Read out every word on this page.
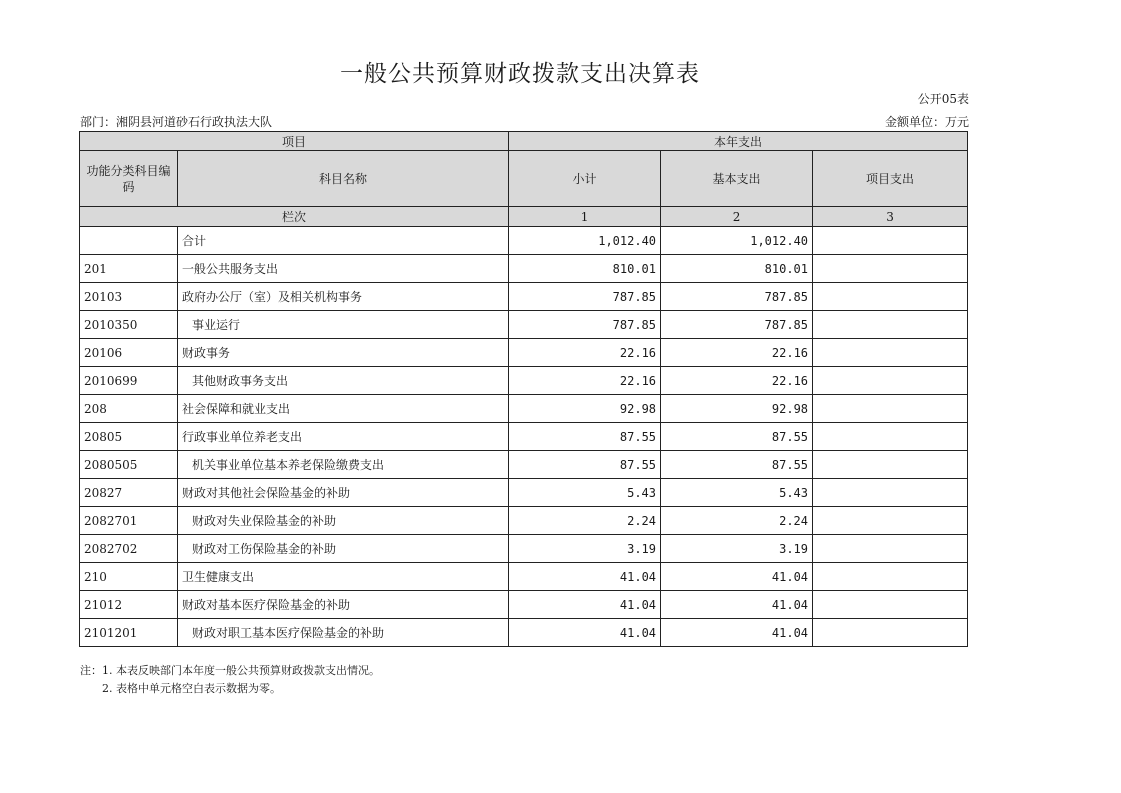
一般公共预算财政拨款支出决算表
公开05表
部门：湘阴县河道砂石行政执法大队	金额单位：万元
项目		本年支出		
功能分类科目编码	科目名称	小计	基本支出	项目支出
栏次		1	2	3
	合计	1,012.40	1,012.40	
201	一般公共服务支出	810.01	810.01	
20103	政府办公厅（室）及相关机构事务	787.85	787.85	
2010350	事业运行	787.85	787.85	
20106	财政事务	22.16	22.16	
2010699	其他财政事务支出	22.16	22.16	
208	社会保障和就业支出	92.98	92.98	
20805	行政事业单位养老支出	87.55	87.55	
2080505	机关事业单位基本养老保险缴费支出	87.55	87.55	
20827	财政对其他社会保险基金的补助	5.43	5.43	
2082701	财政对失业保险基金的补助	2.24	2.24	
2082702	财政对工伤保险基金的补助	3.19	3.19	
210	卫生健康支出	41.04	41.04	
21012	财政对基本医疗保险基金的补助	41.04	41.04	
2101201	财政对职工基本医疗保险基金的补助	41.04	41.04	
注：1. 本表反映部门本年度一般公共预算财政拨款支出情况。
2. 表格中单元格空白表示数据为零。
